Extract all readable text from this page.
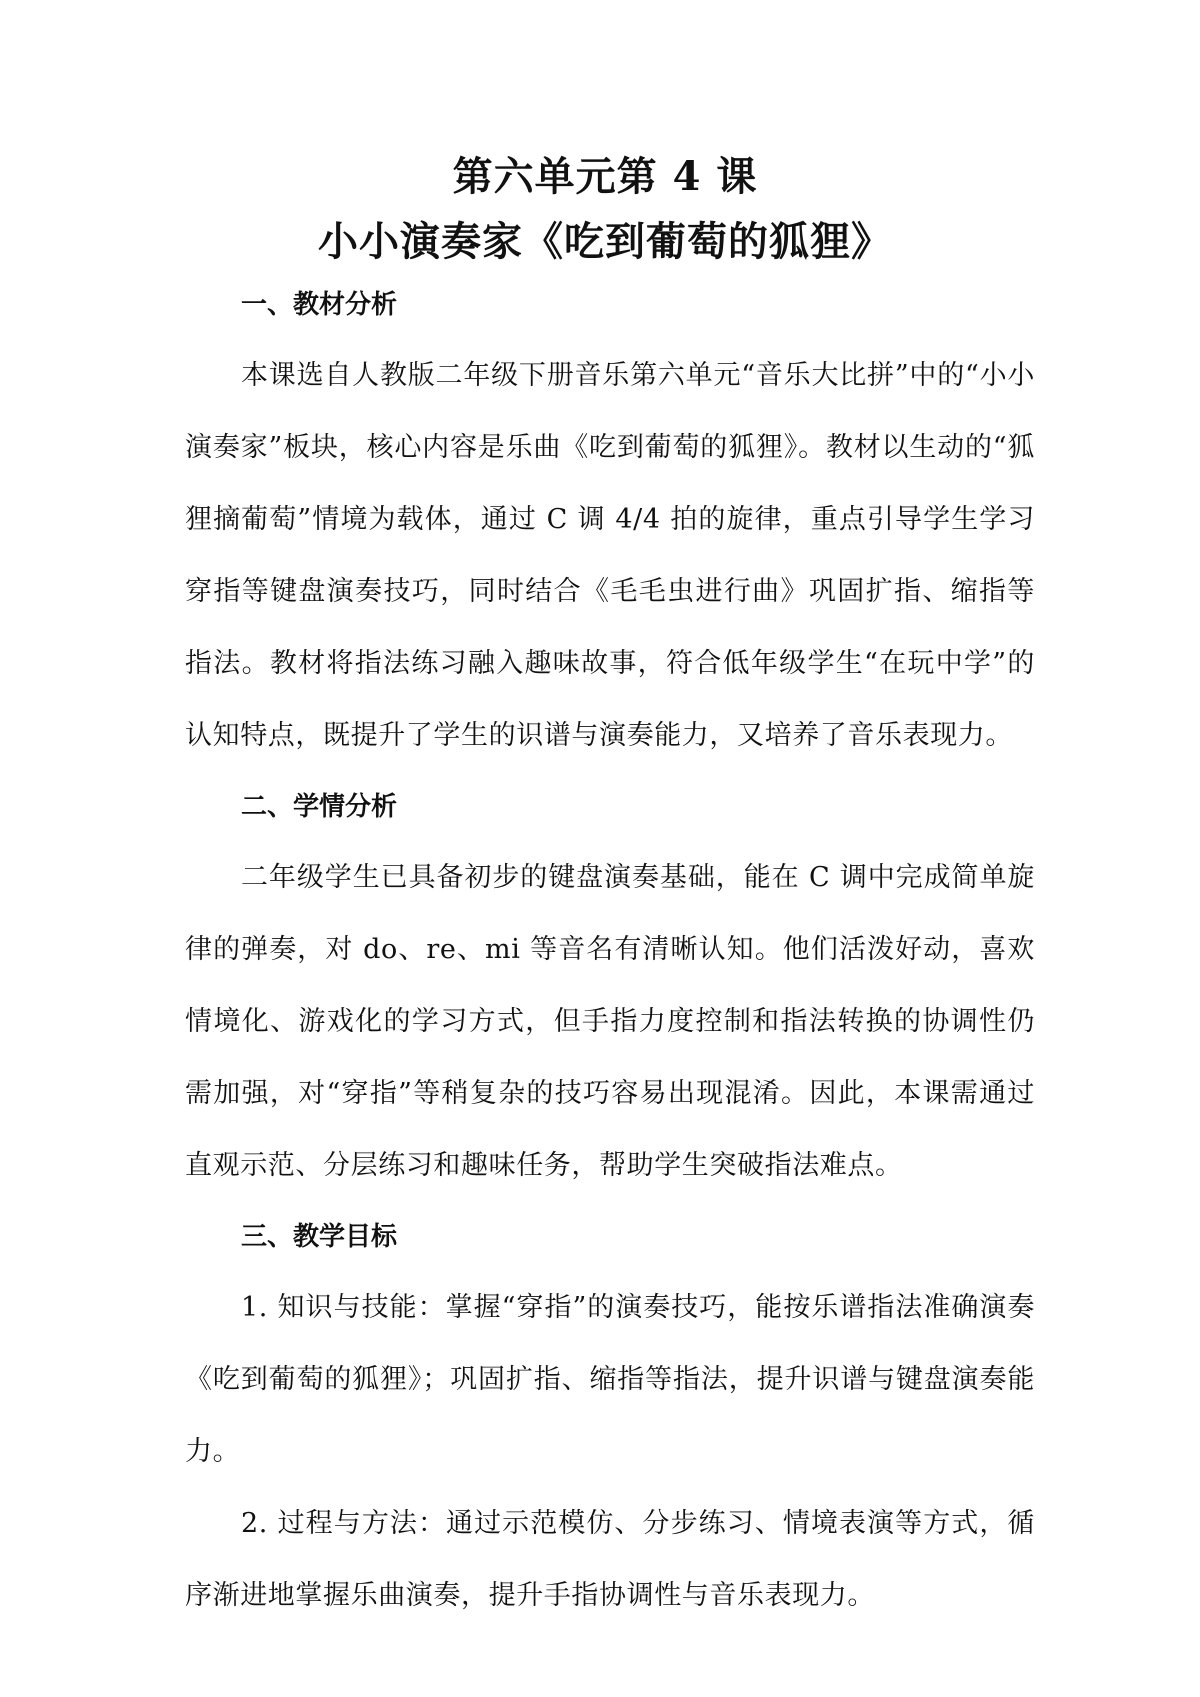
第六单元第 4 课
小小演奏家《吃到葡萄的狐狸》
一、教材分析

本课选自人教版二年级下册音乐第六单元“音乐大比拼”中的“小小演奏家”板块，核心内容是乐曲《吃到葡萄的狐狸》。教材以生动的“狐狸摘葡萄”情境为载体，通过 C 调 4/4 拍的旋律，重点引导学生学习穿指等键盘演奏技巧，同时结合《毛毛虫进行曲》巩固扩指、缩指等指法。教材将指法练习融入趣味故事，符合低年级学生“在玩中学”的认知特点，既提升了学生的识谱与演奏能力，又培养了音乐表现力。

二、学情分析

二年级学生已具备初步的键盘演奏基础，能在 C 调中完成简单旋律的弹奏，对 do、re、mi 等音名有清晰认知。他们活泼好动，喜欢情境化、游戏化的学习方式，但手指力度控制和指法转换的协调性仍需加强，对“穿指”等稍复杂的技巧容易出现混淆。因此，本课需通过直观示范、分层练习和趣味任务，帮助学生突破指法难点。

三、教学目标

1. 知识与技能：掌握“穿指”的演奏技巧，能按乐谱指法准确演奏《吃到葡萄的狐狸》；巩固扩指、缩指等指法，提升识谱与键盘演奏能力。

2. 过程与方法：通过示范模仿、分步练习、情境表演等方式，循序渐进地掌握乐曲演奏，提升手指协调性与音乐表现力。
